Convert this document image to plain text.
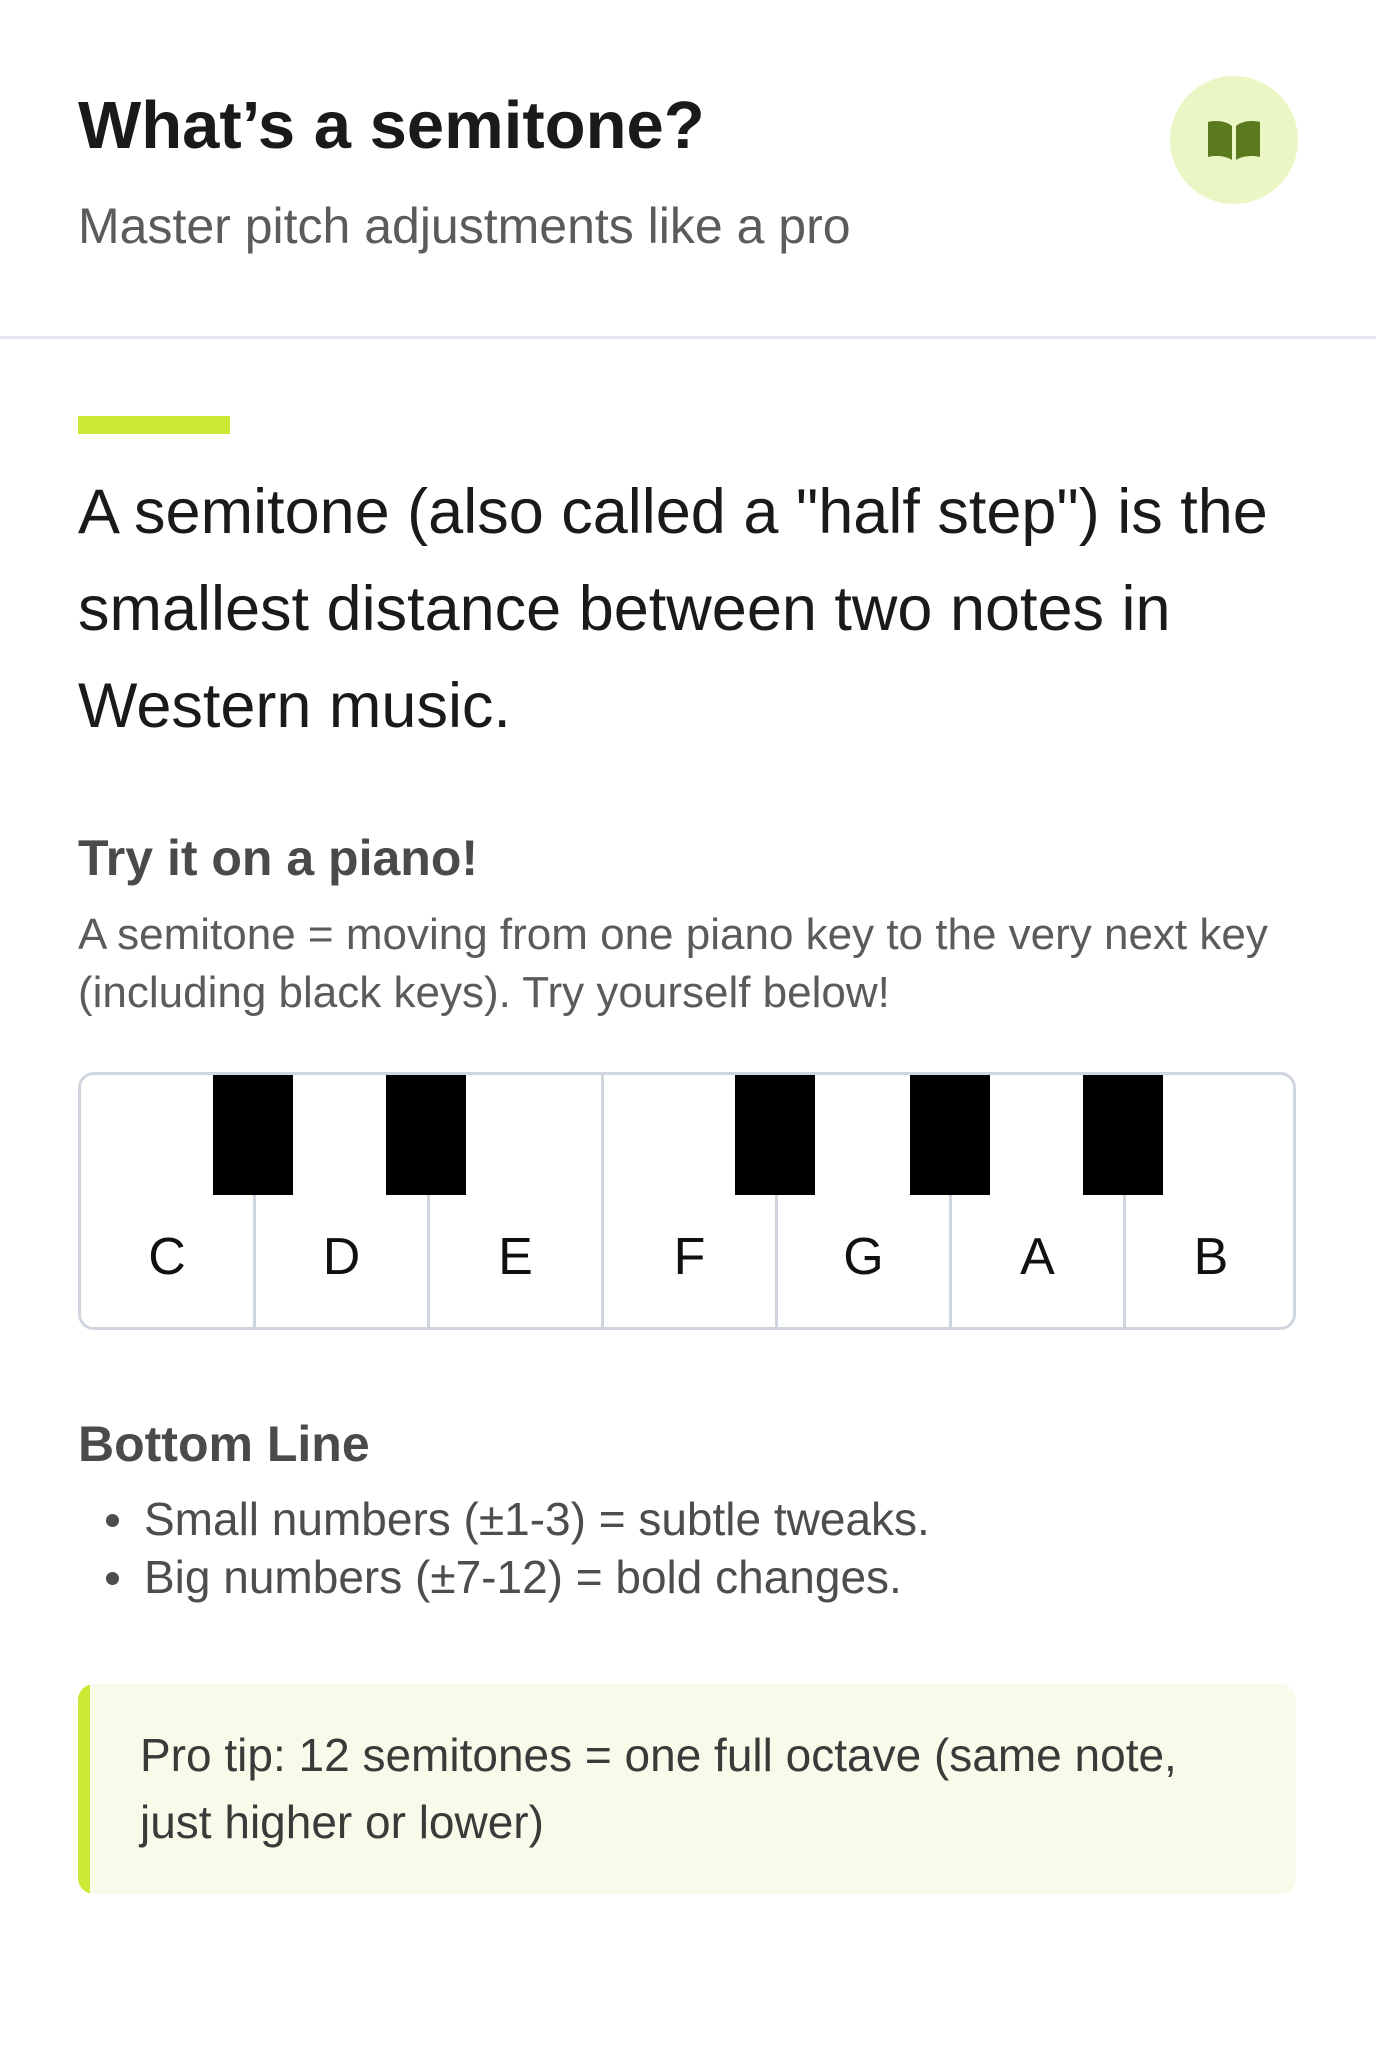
What’s a semitone?

Master pitch adjustments like a pro

A semitone (also called a "half step") is the smallest distance between two notes in Western music.

Try it on a piano!

A semitone = moving from one piano key to the very next key (including black keys). Try yourself below!

C	D	E	F	G	A	B
Bottom Line
Small numbers (±1-3) = subtle tweaks.
Big numbers (±7-12) = bold changes.

Pro tip: 12 semitones = one full octave (same note, just higher or lower)
